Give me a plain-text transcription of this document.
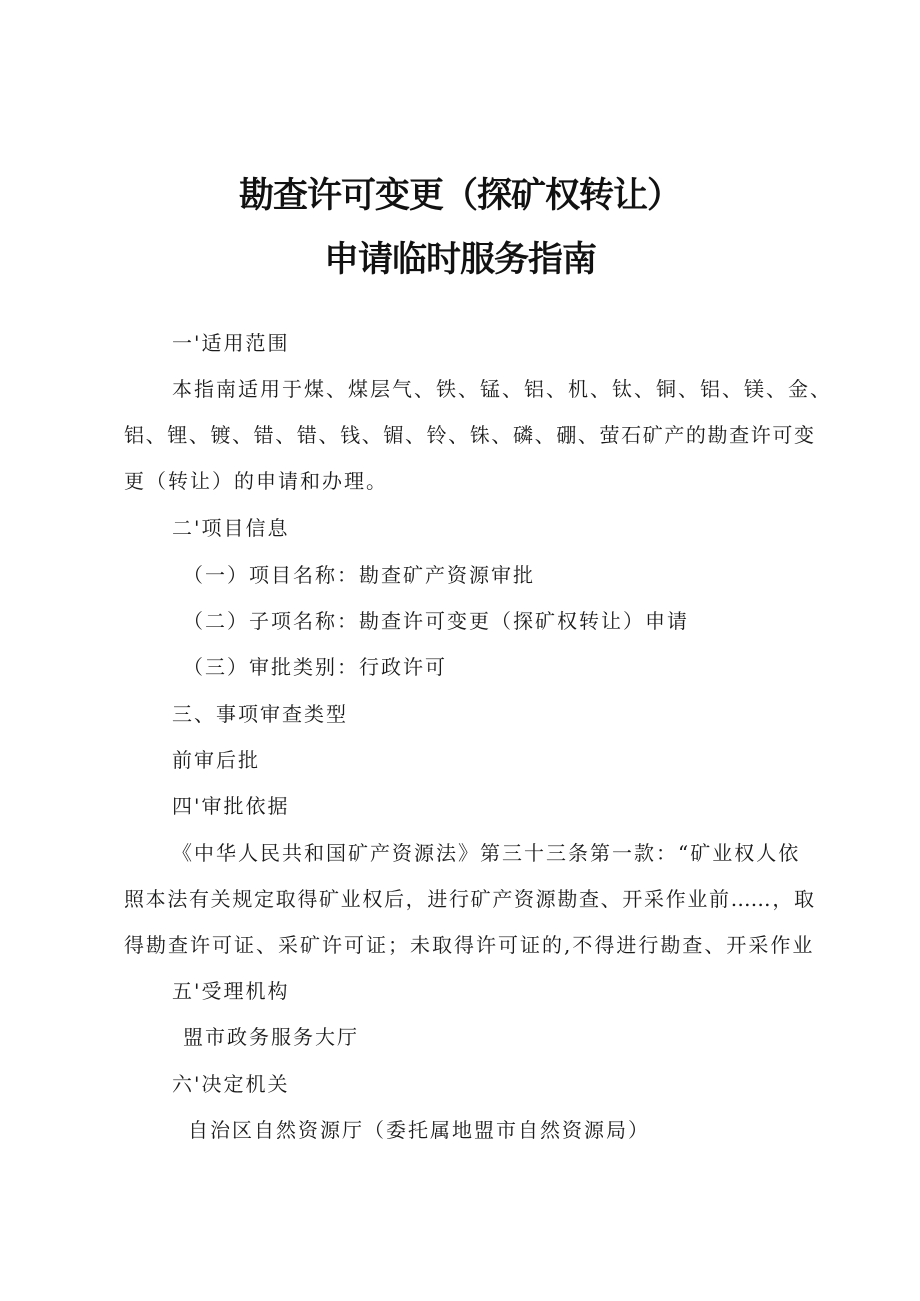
勘查许可变更（探矿权转让）
申请临时服务指南

一'适用范围

本指南适用于煤、煤层气、铁、锰、铝、机、钛、铜、铝、镁、金、

铝、锂、镀、错、错、钱、镅、铃、铢、磷、硼、萤石矿产的勘查许可变

更（转让）的申请和办理。

二'项目信息

（一）项目名称：勘查矿产资源审批

（二）子项名称：勘查许可变更（探矿权转让）申请

（三）审批类别：行政许可

三、事项审查类型

前审后批

四'审批依据

《中华人民共和国矿产资源法》第三十三条第一款：“矿业权人依

照本法有关规定取得矿业权后，进行矿产资源勘查、开采作业前……，取

得勘查许可证、采矿许可证；未取得许可证的,不得进行勘查、开采作业

五'受理机构

盟市政务服务大厅

六'决定机关

自治区自然资源厅（委托属地盟市自然资源局）
